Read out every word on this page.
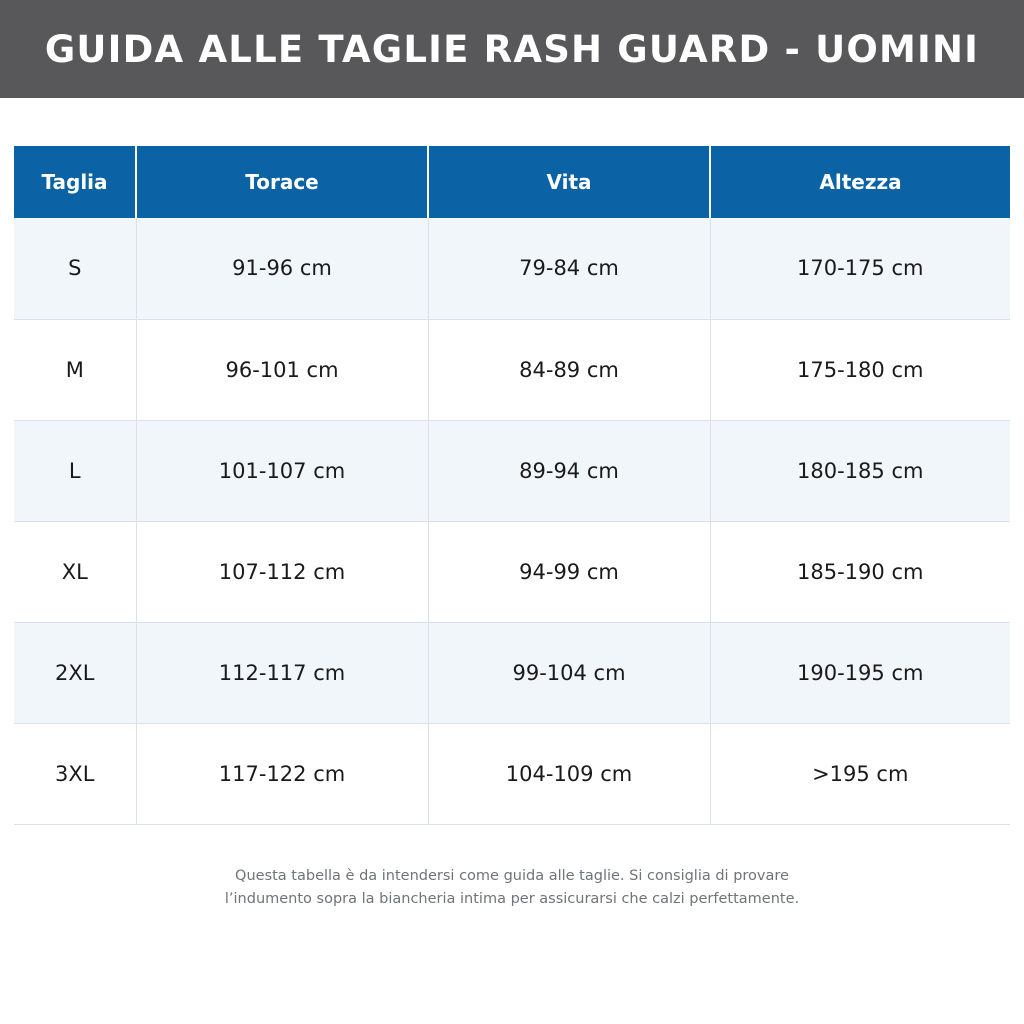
GUIDA ALLE TAGLIE RASH GUARD - UOMINI
Taglia	Torace	Vita	Altezza
S	91-96 cm	79-84 cm	170-175 cm
M	96-101 cm	84-89 cm	175-180 cm
L	101-107 cm	89-94 cm	180-185 cm
XL	107-112 cm	94-99 cm	185-190 cm
2XL	112-117 cm	99-104 cm	190-195 cm
3XL	117-122 cm	104-109 cm	>195 cm
Questa tabella è da intendersi come guida alle taglie. Si consiglia di provare
l’indumento sopra la biancheria intima per assicurarsi che calzi perfettamente.
